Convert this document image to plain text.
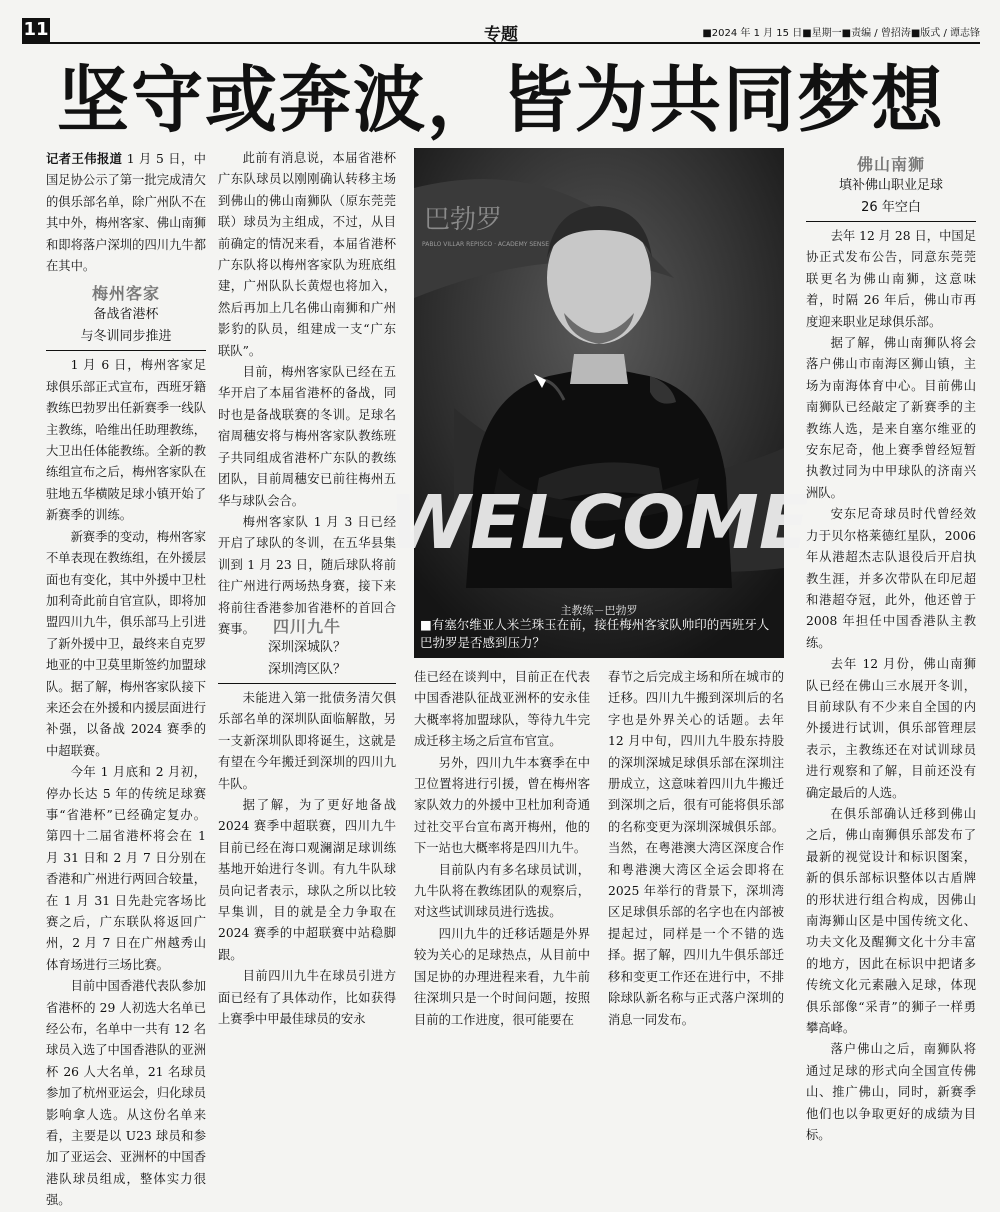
11	专题	■2024 年 1 月 15 日■星期一■责编 / 曾招涛■版式 / 谭志锋
坚守或奔波，皆为共同梦想

记者王伟报道 1 月 5 日，中国足协公示了第一批完成清欠的俱乐部名单，除广州队不在其中外，梅州客家、佛山南狮和即将落户深圳的四川九牛都在其中。

梅州客家
备战省港杯
与冬训同步推进

1 月 6 日，梅州客家足球俱乐部正式宣布，西班牙籍教练巴勃罗出任新赛季一线队主教练，哈维出任助理教练，大卫出任体能教练。全新的教练组宣布之后，梅州客家队在驻地五华横陂足球小镇开始了新赛季的训练。

新赛季的变动，梅州客家不单表现在教练组，在外援层面也有变化，其中外援中卫杜加利奇此前自官宣队，即将加盟四川九牛，俱乐部马上引进了新外援中卫，最终来自克罗地亚的中卫莫里斯签约加盟球队。据了解，梅州客家队接下来还会在外援和内援层面进行补强，以备战 2024 赛季的中超联赛。

今年 1 月底和 2 月初，停办长达 5 年的传统足球赛事“省港杯”已经确定复办。第四十二届省港杯将会在 1 月 31 日和 2 月 7 日分别在香港和广州进行两回合较量，在 1 月 31 日先赴完客场比赛之后，广东联队将返回广州，2 月 7 日在广州越秀山体育场进行三场比赛。

目前中国香港代表队参加省港杯的 29 人初选大名单已经公布，名单中一共有 12 名球员入选了中国香港队的亚洲杯 26 人大名单，21 名球员参加了杭州亚运会，归化球员影响拿人选。从这份名单来看，主要是以 U23 球员和参加了亚运会、亚洲杯的中国香港队球员组成，整体实力很强。

此前有消息说，本届省港杯广东队球员以刚刚确认转移主场到佛山的佛山南狮队（原东莞莞联）球员为主组成，不过，从目前确定的情况来看，本届省港杯广东队将以梅州客家队为班底组建，广州队队长黄煜也将加入，然后再加上几名佛山南狮和广州影豹的队员，组建成一支“广东联队”。

目前，梅州客家队已经在五华开启了本届省港杯的备战，同时也是备战联赛的冬训。足球名宿周穗安将与梅州客家队教练班子共同组成省港杯广东队的教练团队，目前周穗安已前往梅州五华与球队会合。

梅州客家队 1 月 3 日已经开启了球队的冬训，在五华县集训到 1 月 23 日，随后球队将前往广州进行两场热身赛，接下来将前往香港参加省港杯的首回合赛事。	四川九牛
深圳深城队？
深圳湾区队？

未能进入第一批债务清欠俱乐部名单的深圳队面临解散，另一支新深圳队即将诞生，这就是有望在今年搬迁到深圳的四川九牛队。

据了解，为了更好地备战 2024 赛季中超联赛，四川九牛目前已经在海口观澜湖足球训练基地开始进行冬训。有九牛队球员向记者表示，球队之所以比较早集训，目的就是全力争取在 2024 赛季的中超联赛中站稳脚跟。

目前四川九牛在球员引进方面已经有了具体动作，比如获得上赛季中甲最佳球员的安永

巴勃罗
PABLO VILLAR REPISCO · ACADEMY SENSE
WELCOME
主教练－巴勃罗
■有塞尔维亚人米兰珠玉在前，接任梅州客家队帅印的西班牙人巴勃罗是否感到压力？

佳已经在谈判中，目前正在代表中国香港队征战亚洲杯的安永佳大概率将加盟球队，等待九牛完成迁移主场之后宣布官宣。

另外，四川九牛本赛季在中卫位置将进行引援，曾在梅州客家队效力的外援中卫杜加利奇通过社交平台宣布离开梅州，他的下一站也大概率将是四川九牛。

目前队内有多名球员试训，九牛队将在教练团队的观察后，对这些试训球员进行选拔。

四川九牛的迁移话题是外界较为关心的足球热点，从目前中国足协的办理进程来看，九牛前往深圳只是一个时间问题，按照目前的工作进度，很可能要在

春节之后完成主场和所在城市的迁移。四川九牛搬到深圳后的名字也是外界关心的话题。去年 12 月中旬，四川九牛股东持股的深圳深城足球俱乐部在深圳注册成立，这意味着四川九牛搬迁到深圳之后，很有可能将俱乐部的名称变更为深圳深城俱乐部。当然，在粤港澳大湾区深度合作和粤港澳大湾区全运会即将在 2025 年举行的背景下，深圳湾区足球俱乐部的名字也在内部被提起过，同样是一个不错的选择。据了解，四川九牛俱乐部迁移和变更工作还在进行中，不排除球队新名称与正式落户深圳的消息一同发布。

佛山南狮
填补佛山职业足球
26 年空白

去年 12 月 28 日，中国足协正式发布公告，同意东莞莞联更名为佛山南狮，这意味着，时隔 26 年后，佛山市再度迎来职业足球俱乐部。

据了解，佛山南狮队将会落户佛山市南海区狮山镇，主场为南海体育中心。目前佛山南狮队已经敲定了新赛季的主教练人选，是来自塞尔维亚的安东尼奇，他上赛季曾经短暂执教过同为中甲球队的济南兴洲队。

安东尼奇球员时代曾经效力于贝尔格莱德红星队，2006 年从港超杰志队退役后开启执教生涯，并多次带队在印尼超和港超夺冠，此外，他还曾于 2008 年担任中国香港队主教练。

去年 12 月份，佛山南狮队已经在佛山三水展开冬训，目前球队有不少来自全国的内外援进行试训，俱乐部管理层表示，主教练还在对试训球员进行观察和了解，目前还没有确定最后的人选。

在俱乐部确认迁移到佛山之后，佛山南狮俱乐部发布了最新的视觉设计和标识图案，新的俱乐部标识整体以古盾牌的形状进行组合构成，因佛山南海狮山区是中国传统文化、功夫文化及醒狮文化十分丰富的地方，因此在标识中把诸多传统文化元素融入足球，体现俱乐部像“采青”的狮子一样勇攀高峰。

落户佛山之后，南狮队将通过足球的形式向全国宣传佛山、推广佛山，同时，新赛季他们也以争取更好的成绩为目标。
